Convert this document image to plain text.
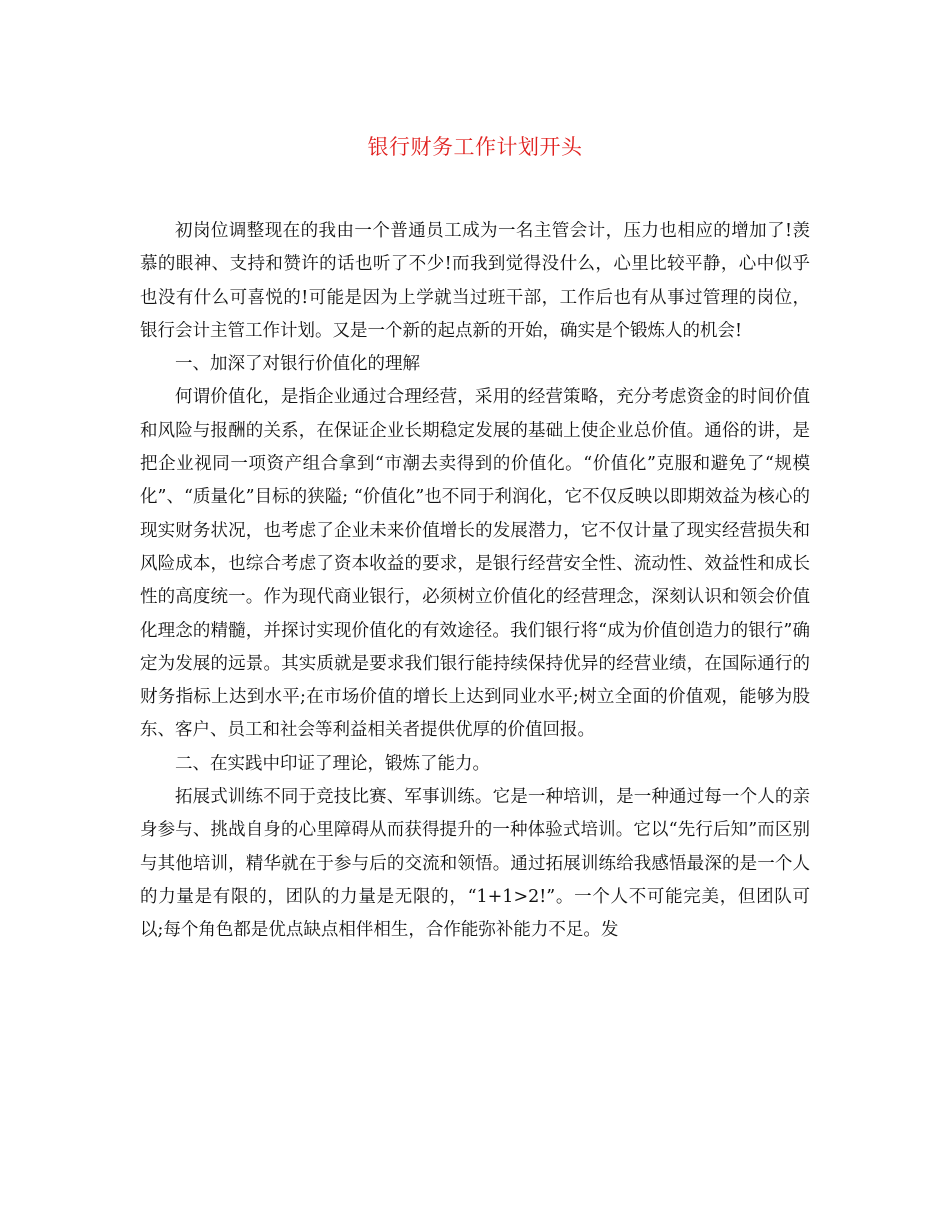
银行财务工作计划开头

初岗位调整现在的我由一个普通员工成为一名主管会计，压力也相应的增加了!羡慕的眼神、支持和赞许的话也听了不少!而我到觉得没什么，心里比较平静，心中似乎也没有什么可喜悦的!可能是因为上学就当过班干部，工作后也有从事过管理的岗位，银行会计主管工作计划。又是一个新的起点新的开始，确实是个锻炼人的机会!

一、加深了对银行价值化的理解

何谓价值化，是指企业通过合理经营，采用的经营策略，充分考虑资金的时间价值和风险与报酬的关系，在保证企业长期稳定发展的基础上使企业总价值。通俗的讲，是把企业视同一项资产组合拿到“市潮去卖得到的价值化。“价值化”克服和避免了“规模化”、“质量化”目标的狭隘; “价值化”也不同于利润化，它不仅反映以即期效益为核心的现实财务状况，也考虑了企业未来价值增长的发展潜力，它不仅计量了现实经营损失和风险成本，也综合考虑了资本收益的要求，是银行经营安全性、流动性、效益性和成长性的高度统一。作为现代商业银行，必须树立价值化的经营理念，深刻认识和领会价值化理念的精髓，并探讨实现价值化的有效途径。我们银行将“成为价值创造力的银行”确定为发展的远景。其实质就是要求我们银行能持续保持优异的经营业绩，在国际通行的财务指标上达到水平;在市场价值的增长上达到同业水平;树立全面的价值观，能够为股东、客户、员工和社会等利益相关者提供优厚的价值回报。

二、在实践中印证了理论，锻炼了能力。

拓展式训练不同于竞技比赛、军事训练。它是一种培训，是一种通过每一个人的亲身参与、挑战自身的心里障碍从而获得提升的一种体验式培训。它以“先行后知”而区别与其他培训，精华就在于参与后的交流和领悟。通过拓展训练给我感悟最深的是一个人的力量是有限的，团队的力量是无限的，“1+1>2!”。一个人不可能完美，但团队可以;每个角色都是优点缺点相伴相生，合作能弥补能力不足。发
